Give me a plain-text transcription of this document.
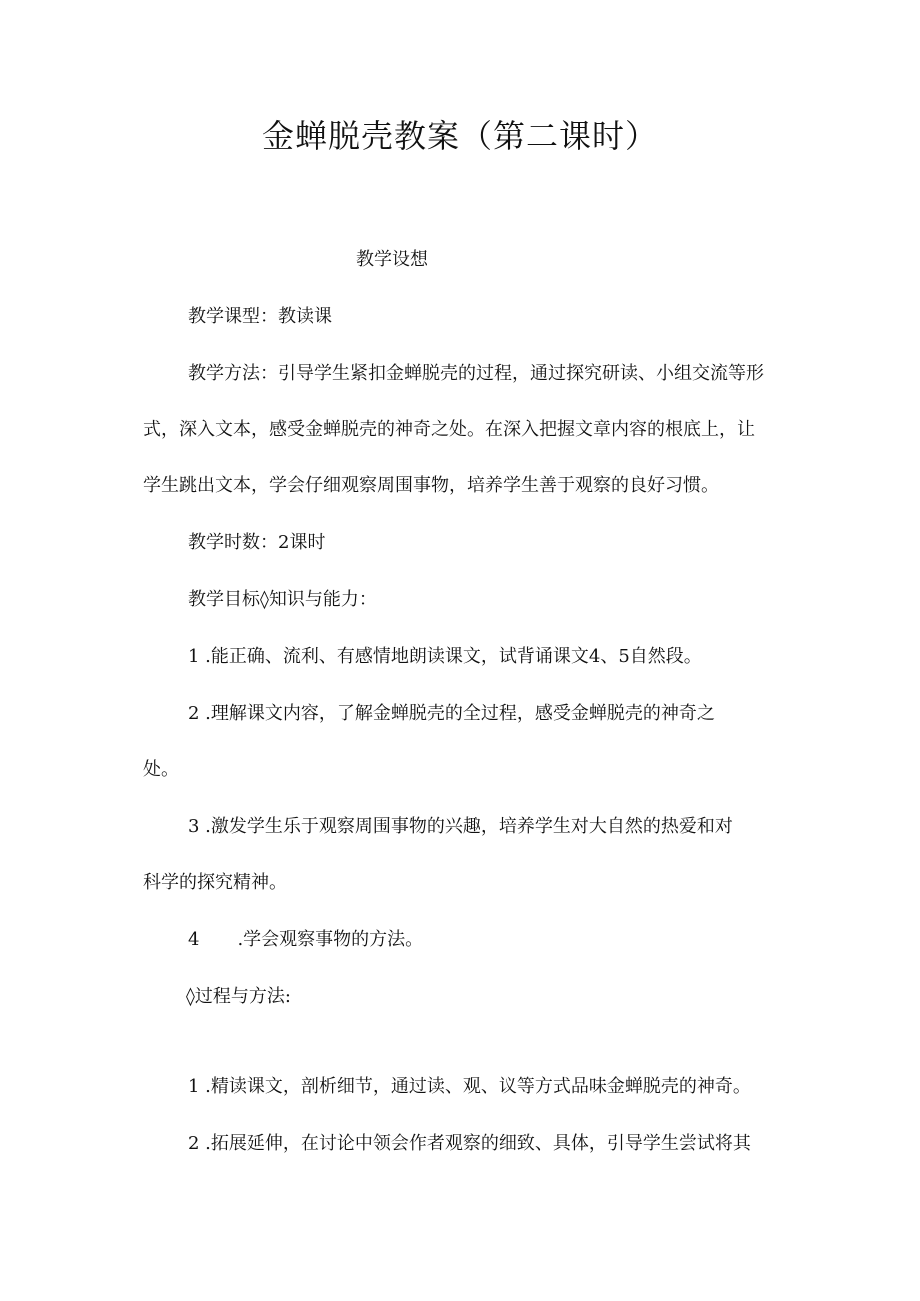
金蝉脱壳教案（第二课时）
教学设想
教学课型：教读课
教学方法：引导学生紧扣金蝉脱壳的过程，通过探究研读、小组交流等形
式，深入文本，感受金蝉脱壳的神奇之处。在深入把握文章内容的根底上，让
学生跳出文本，学会仔细观察周围事物，培养学生善于观察的良好习惯。
教学时数：2课时
教学目标◊知识与能力：
1 .能正确、流利、有感情地朗读课文，试背诵课文4、5自然段。
2 .理解课文内容，了解金蝉脱壳的全过程，感受金蝉脱壳的神奇之
处。
3 .激发学生乐于观察周围事物的兴趣，培养学生对大自然的热爱和对
科学的探究精神。
4 .学会观察事物的方法。
◊过程与方法:
1 .精读课文，剖析细节，通过读、观、议等方式品味金蝉脱壳的神奇。
2 .拓展延伸，在讨论中领会作者观察的细致、具体，引导学生尝试将其
